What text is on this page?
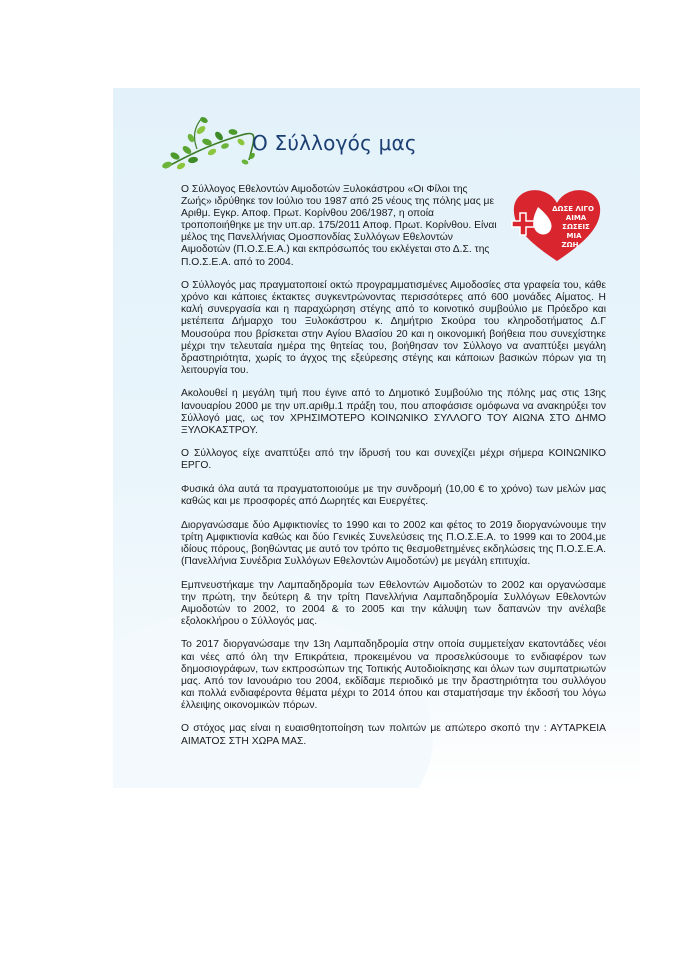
Ο Σύλλογός μας
ΔΩΣΕ ΛΙΓΟ
ΑΙΜΑ
ΣΩΣΕΙΣ
ΜΙΑ
ΖΩΗ

Ο Σύλλογος Εθελοντών Αιμοδοτών Ξυλοκάστρου «Οι Φίλοι της Ζωής» ιδρύθηκε τον Ιούλιο του 1987 από 25 νέους της πόλης μας με Αριθμ. Εγκρ. Αποφ. Πρωτ. Κορίνθου 206/1987, η οποία τροποποιήθηκε με την υπ.αρ. 175/2011 Αποφ. Πρωτ. Κορίνθου. Είναι μέλος της Πανελλήνιας Ομοσπονδίας Συλλόγων Εθελοντών Αιμοδοτών (Π.Ο.Σ.Ε.Α.) και εκπρόσωπός του εκλέγεται στο Δ.Σ. της Π.Ο.Σ.Ε.Α. από το 2004.

Ο Σύλλογός μας πραγματοποιεί οκτώ προγραμματισμένες Αιμοδοσίες στα γραφεία του, κάθε χρόνο και κάποιες έκτακτες συγκεντρώνοντας περισσότερες από 600 μονάδες Αίματος. Η καλή συνεργασία και η παραχώρηση στέγης από το κοινοτικό συμβούλιο με Πρόεδρο και μετέπειτα Δήμαρχο του Ξυλοκάστρου κ. Δημήτριο Σκούρα του κληροδοτήματος Δ.Γ Μουσούρα που βρίσκεται στην Αγίου Βλασίου 20 και η οικονομική βοήθεια που συνεχίστηκε μέχρι την τελευταία ημέρα της θητείας του, βοήθησαν τον Σύλλογο να αναπτύξει μεγάλη δραστηριότητα, χωρίς το άγχος της εξεύρεσης στέγης και κάποιων βασικών πόρων για τη λειτουργία του.

Ακολουθεί η μεγάλη τιμή που έγινε από το Δημοτικό Συμβούλιο της πόλης μας στις 13ης Ιανουαρίου 2000 με την υπ.αριθμ.1 πράξη του, που αποφάσισε ομόφωνα να ανακηρύξει τον Σύλλογό μας, ως τον ΧΡΗΣΙΜΟΤΕΡΟ ΚΟΙΝΩΝΙΚΟ ΣΥΛΛΟΓΟ ΤΟΥ ΑΙΩΝΑ ΣΤΟ ΔΗΜΟ ΞΥΛΟΚΑΣΤΡΟΥ.

Ο Σύλλογος είχε αναπτύξει από την ίδρυσή του και συνεχίζει μέχρι σήμερα ΚΟΙΝΩΝΙΚΟ ΕΡΓΟ.

Φυσικά όλα αυτά τα πραγματοποιούμε με την συνδρομή (10,00 € το χρόνο) των μελών μας καθώς και με προσφορές από Δωρητές και Ευεργέτες.

Διοργανώσαμε δύο Αμφικτιονίες το 1990 και το 2002 και φέτος το 2019 διοργανώνουμε την τρίτη Αμφικτιονία καθώς και δύο Γενικές Συνελεύσεις της Π.Ο.Σ.Ε.Α. το 1999 και το 2004,με ιδίους πόρους, βοηθώντας με αυτό τον τρόπο τις θεσμοθετημένες εκδηλώσεις της Π.Ο.Σ.Ε.Α. (Πανελλήνια Συνέδρια Συλλόγων Εθελοντών Αιμοδοτών) με μεγάλη επιτυχία.

Εμπνευστήκαμε την Λαμπαδηδρομία των Εθελοντών Αιμοδοτών το 2002 και οργανώσαμε την πρώτη, την δεύτερη & την τρίτη Πανελλήνια Λαμπαδηδρομία Συλλόγων Εθελοντών Αιμοδοτών το 2002, το 2004 & το 2005 και την κάλυψη των δαπανών την ανέλαβε εξολοκλήρου ο Σύλλογός μας.

Το 2017 διοργανώσαμε την 13η Λαμπαδηδρομία στην οποία συμμετείχαν εκατοντάδες νέοι και νέες από όλη την Επικράτεια, προκειμένου να προσελκύσουμε το ενδιαφέρον των δημοσιογράφων, των εκπροσώπων της Τοπικής Αυτοδιοίκησης και όλων των συμπατριωτών μας. Από τον Ιανουάριο του 2004, εκδίδαμε περιοδικό με την δραστηριότητα του συλλόγου και πολλά ενδιαφέροντα θέματα μέχρι το 2014 όπου και σταματήσαμε την έκδοσή του λόγω έλλειψης οικονομικών πόρων.

Ο στόχος μας είναι η ευαισθητοποίηση των πολιτών με απώτερο σκοπό την : ΑΥΤΑΡΚΕΙΑ ΑΙΜΑΤΟΣ ΣΤΗ ΧΩΡΑ ΜΑΣ.
